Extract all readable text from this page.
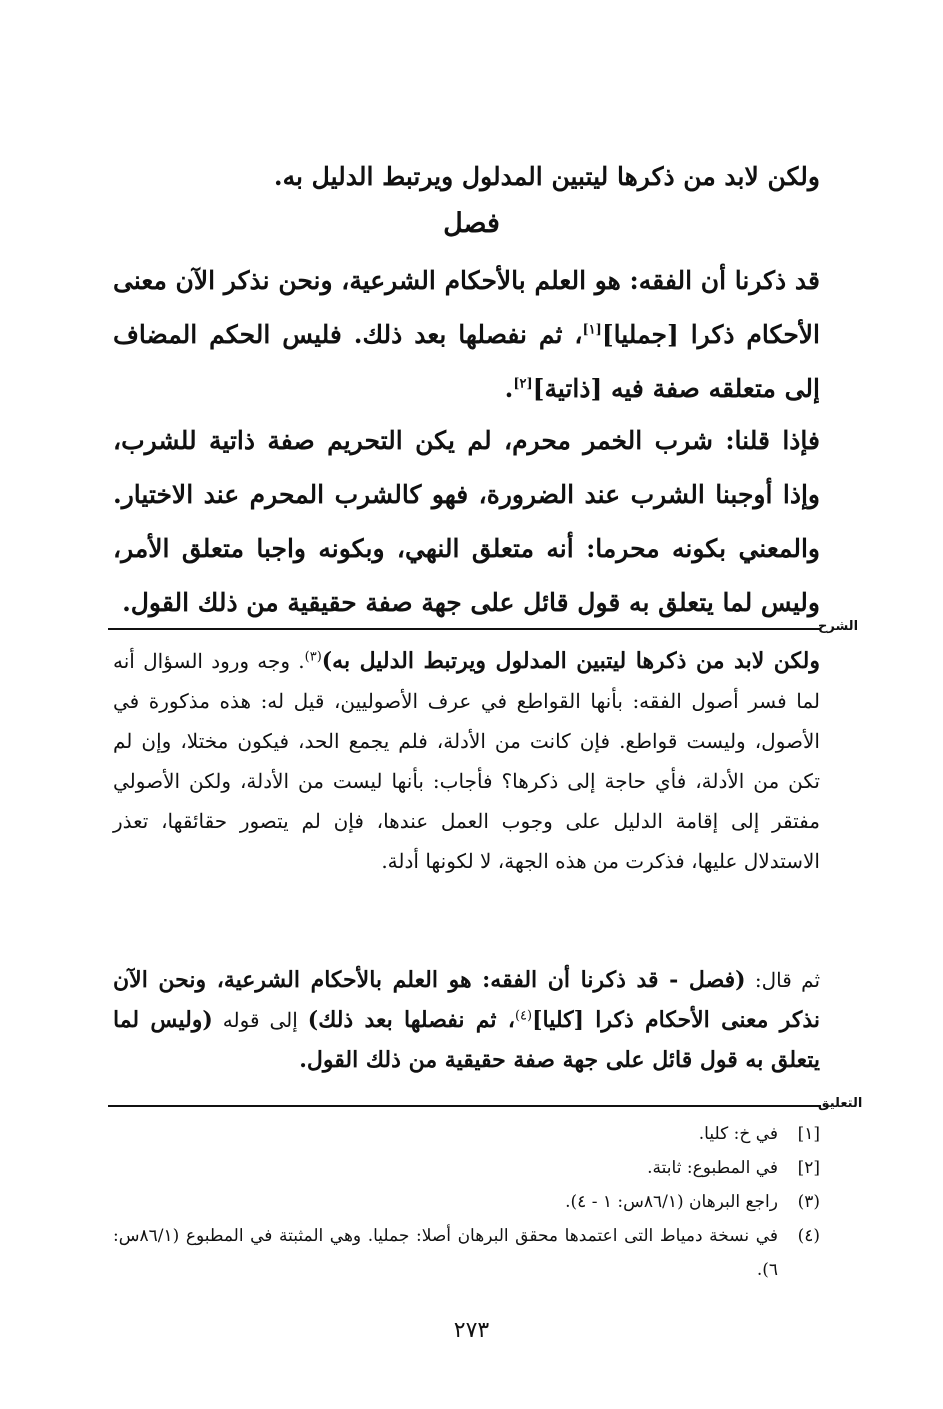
ولكن لابد من ذكرها ليتبين المدلول ويرتبط الدليل به.

فصل

قد ذكرنا أن الفقه: هو العلم بالأحكام الشرعية، ونحن نذكر الآن معنى الأحكام ذكرا [جمليا][١]، ثم نفصلها بعد ذلك. فليس الحكم المضاف إلى متعلقه صفة فيه [ذاتية][٢].

فإذا قلنا: شرب الخمر محرم، لم يكن التحريم صفة ذاتية للشرب، وإذا أوجبنا الشرب عند الضرورة، فهو كالشرب المحرم عند الاختيار. والمعني بكونه محرما: أنه متعلق النهي، وبكونه واجبا متعلق الأمر، وليس لما يتعلق به قول قائل على جهة صفة حقيقية من ذلك القول.

الشرح

ولكن لابد من ذكرها ليتبين المدلول ويرتبط الدليل به)$^{(٣)}$. وجه ورود السؤال أنه لما فسر أصول الفقه: بأنها القواطع في عرف الأصوليين، قيل له: هذه مذكورة في الأصول، وليست قواطع. فإن كانت من الأدلة، فلم يجمع الحد، فيكون مختلا، وإن لم تكن من الأدلة، فأي حاجة إلى ذكرها؟ فأجاب: بأنها ليست من الأدلة، ولكن الأصولي مفتقر إلى إقامة الدليل على وجوب العمل عندها، فإن لم يتصور حقائقها، تعذر الاستدلال عليها، فذكرت من هذه الجهة، لا لكونها أدلة.

ثم قال: (فصل - قد ذكرنا أن الفقه: هو العلم بالأحكام الشرعية، ونحن الآن نذكر معنى الأحكام ذكرا [كليا]$^{(٤)}$، ثم نفصلها بعد ذلك) إلى قوله (وليس لما يتعلق به قول قائل على جهة صفة حقيقية من ذلك القول.

التعليق
[١]
في خ: كليا.
[٢]
في المطبوع: ثابتة.
(٣)
راجع البرهان (٨٦/١س: ١ - ٤).
(٤)
في نسخة دمياط التى اعتمدها محقق البرهان أصلا: جمليا. وهي المثبتة في المطبوع (٨٦/١س: ٦).
٢٧٣
